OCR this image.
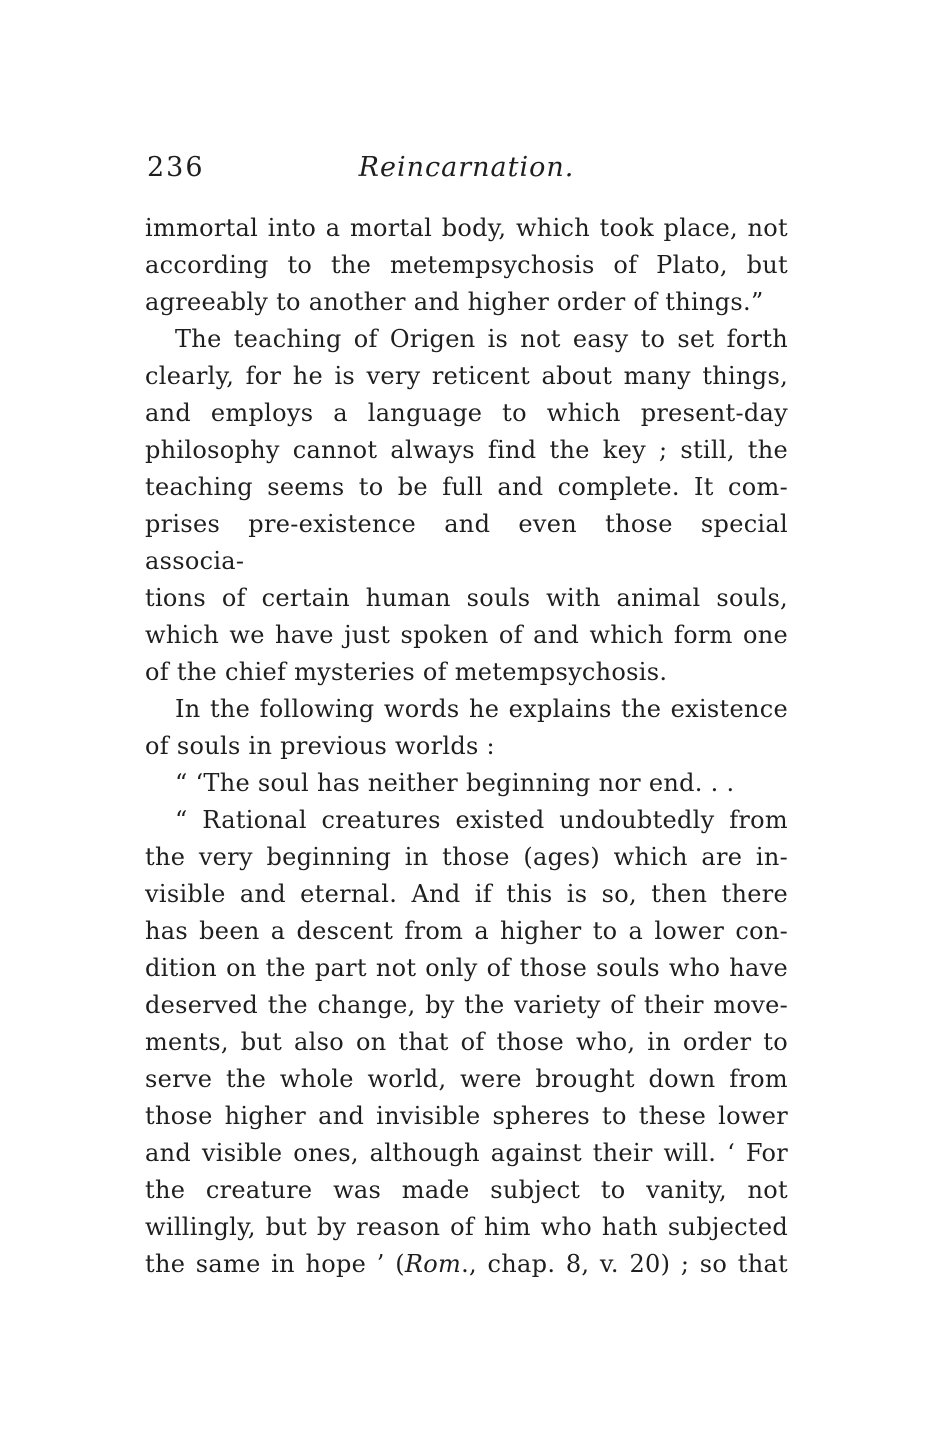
236	Reincarnation.
immortal into a mortal body, which took place, not
according to the metempsychosis of Plato, but
agreeably to another and higher order of things.”
The teaching of Origen is not easy to set forth
clearly, for he is very reticent about many things,
and employs a language to which present-day
philosophy cannot always find the key ; still, the
teaching seems to be full and complete. It com-
prises pre-existence and even those special associa-
tions of certain human souls with animal souls,
which we have just spoken of and which form one
of the chief mysteries of metempsychosis.
In the following words he explains the existence
of souls in previous worlds :
“ ‘The soul has neither beginning nor end. . .
“ Rational creatures existed undoubtedly from
the very beginning in those (ages) which are in-
visible and eternal. And if this is so, then there
has been a descent from a higher to a lower con-
dition on the part not only of those souls who have
deserved the change, by the variety of their move-
ments, but also on that of those who, in order to
serve the whole world, were brought down from
those higher and invisible spheres to these lower
and visible ones, although against their will. ‘ For
the creature was made subject to vanity, not
willingly, but by reason of him who hath subjected
the same in hope ’ (Rom., chap. 8, v. 20) ; so that
